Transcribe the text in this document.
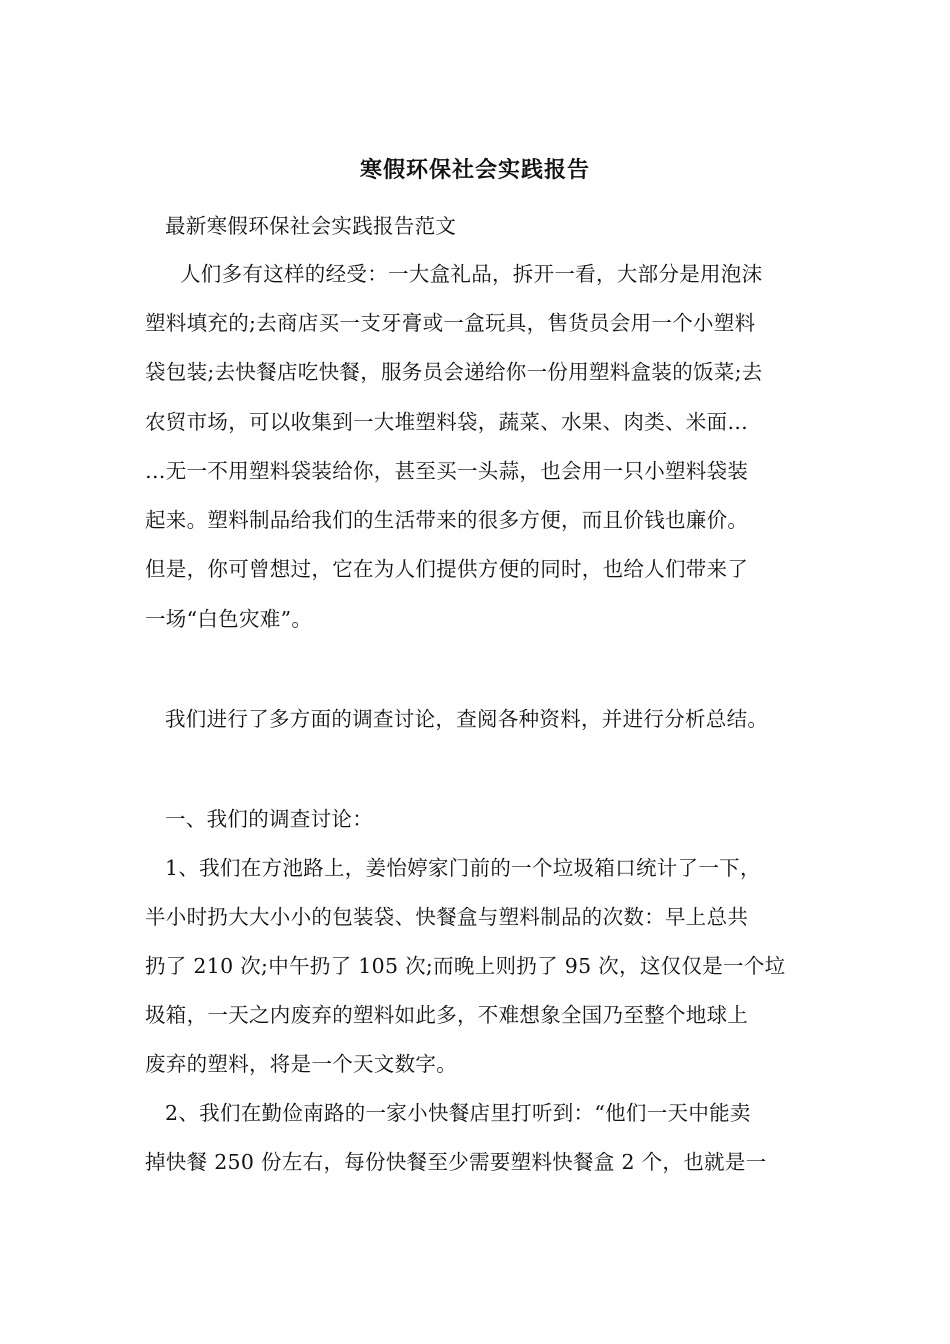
寒假环保社会实践报告
最新寒假环保社会实践报告范文
人们多有这样的经受：一大盒礼品，拆开一看，大部分是用泡沫
塑料填充的;去商店买一支牙膏或一盒玩具，售货员会用一个小塑料
袋包装;去快餐店吃快餐，服务员会递给你一份用塑料盒装的饭菜;去
农贸市场，可以收集到一大堆塑料袋，蔬菜、水果、肉类、米面…
…无一不用塑料袋装给你，甚至买一头蒜，也会用一只小塑料袋装
起来。塑料制品给我们的生活带来的很多方便，而且价钱也廉价。
但是，你可曾想过，它在为人们提供方便的同时，也给人们带来了
一场“白色灾难”。
我们进行了多方面的调查讨论，查阅各种资料，并进行分析总结。
一、我们的调查讨论：
1、我们在方池路上，姜怡婷家门前的一个垃圾箱口统计了一下，
半小时扔大大小小的包装袋、快餐盒与塑料制品的次数：早上总共
扔了 210 次;中午扔了 105 次;而晚上则扔了 95 次，这仅仅是一个垃
圾箱，一天之内废弃的塑料如此多，不难想象全国乃至整个地球上
废弃的塑料，将是一个天文数字。
2、我们在勤俭南路的一家小快餐店里打听到：“他们一天中能卖
掉快餐 250 份左右，每份快餐至少需要塑料快餐盒 2 个，也就是一
